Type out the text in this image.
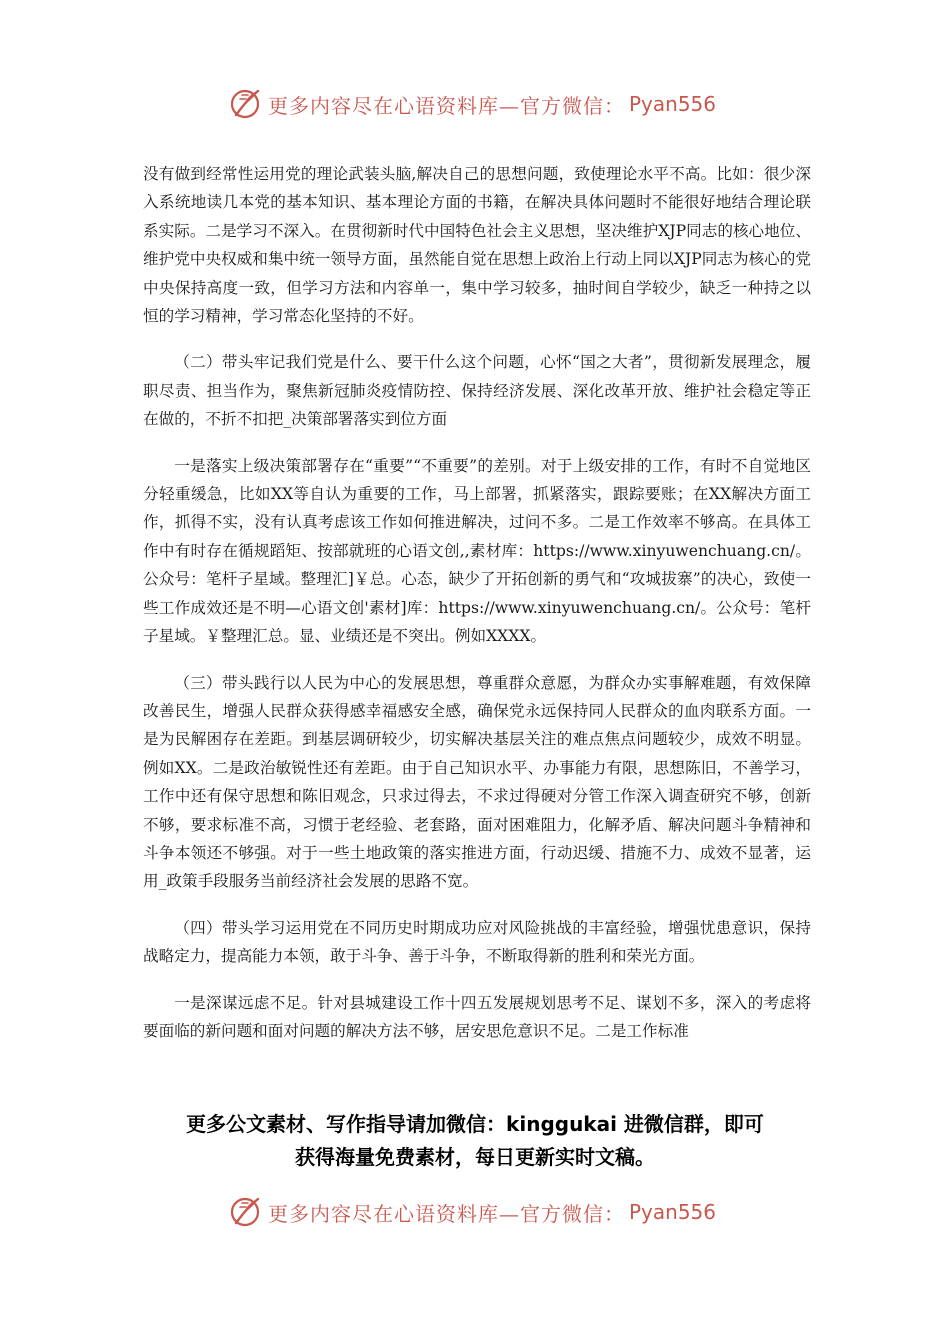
更多内容尽在心语资料库—官方微信： Pyan556

没有做到经常性运用党的理论武装头脑,解决自己的思想问题，致使理论水平不高。比如：很少深入系统地读几本党的基本知识、基本理论方面的书籍，在解决具体问题时不能很好地结合理论联系实际。二是学习不深入。在贯彻新时代中国特色社会主义思想，坚决维护XJP同志的核心地位、维护党中央权威和集中统一领导方面，虽然能自觉在思想上政治上行动上同以XJP同志为核心的党中央保持高度一致，但学习方法和内容单一，集中学习较多，抽时间自学较少，缺乏一种持之以恒的学习精神，学习常态化坚持的不好。

（二）带头牢记我们党是什么、要干什么这个问题，心怀“国之大者”，贯彻新发展理念，履职尽责、担当作为，聚焦新冠肺炎疫情防控、保持经济发展、深化改革开放、维护社会稳定等正在做的，不折不扣把_决策部署落实到位方面

一是落实上级决策部署存在“重要”“不重要”的差别。对于上级安排的工作，有时不自觉地区分轻重缓急，比如XX等自认为重要的工作，马上部署，抓紧落实，跟踪要账；在XX解决方面工作，抓得不实，没有认真考虑该工作如何推进解决，过问不多。二是工作效率不够高。在具体工作中有时存在循规蹈矩、按部就班的心语文创,,素材库：https://www.xinyuwenchuang.cn/。公众号：笔杆子星域。整理汇]￥总。心态，缺少了开拓创新的勇气和“攻城拔寨”的决心，致使一些工作成效还是不明—心语文创'素材]库：https://www.xinyuwenchuang.cn/。公众号：笔杆子星域。￥整理汇总。显、业绩还是不突出。例如XXXX。

（三）带头践行以人民为中心的发展思想，尊重群众意愿，为群众办实事解难题，有效保障改善民生，增强人民群众获得感幸福感安全感，确保党永远保持同人民群众的血肉联系方面。一是为民解困存在差距。到基层调研较少，切实解决基层关注的难点焦点问题较少，成效不明显。例如XX。二是政治敏锐性还有差距。由于自己知识水平、办事能力有限，思想陈旧，不善学习，工作中还有保守思想和陈旧观念，只求过得去，不求过得硬对分管工作深入调查研究不够，创新不够，要求标准不高，习惯于老经验、老套路，面对困难阻力，化解矛盾、解决问题斗争精神和斗争本领还不够强。对于一些土地政策的落实推进方面，行动迟缓、措施不力、成效不显著，运用_政策手段服务当前经济社会发展的思路不宽。

（四）带头学习运用党在不同历史时期成功应对风险挑战的丰富经验，增强忧患意识，保持战略定力，提高能力本领，敢于斗争、善于斗争，不断取得新的胜利和荣光方面。

一是深谋远虑不足。针对县城建设工作十四五发展规划思考不足、谋划不多，深入的考虑将要面临的新问题和面对问题的解决方法不够，居安思危意识不足。二是工作标准

更多公文素材、写作指导请加微信：kinggukai 进微信群，即可
获得海量免费素材，每日更新实时文稿。
更多内容尽在心语资料库—官方微信： Pyan556
